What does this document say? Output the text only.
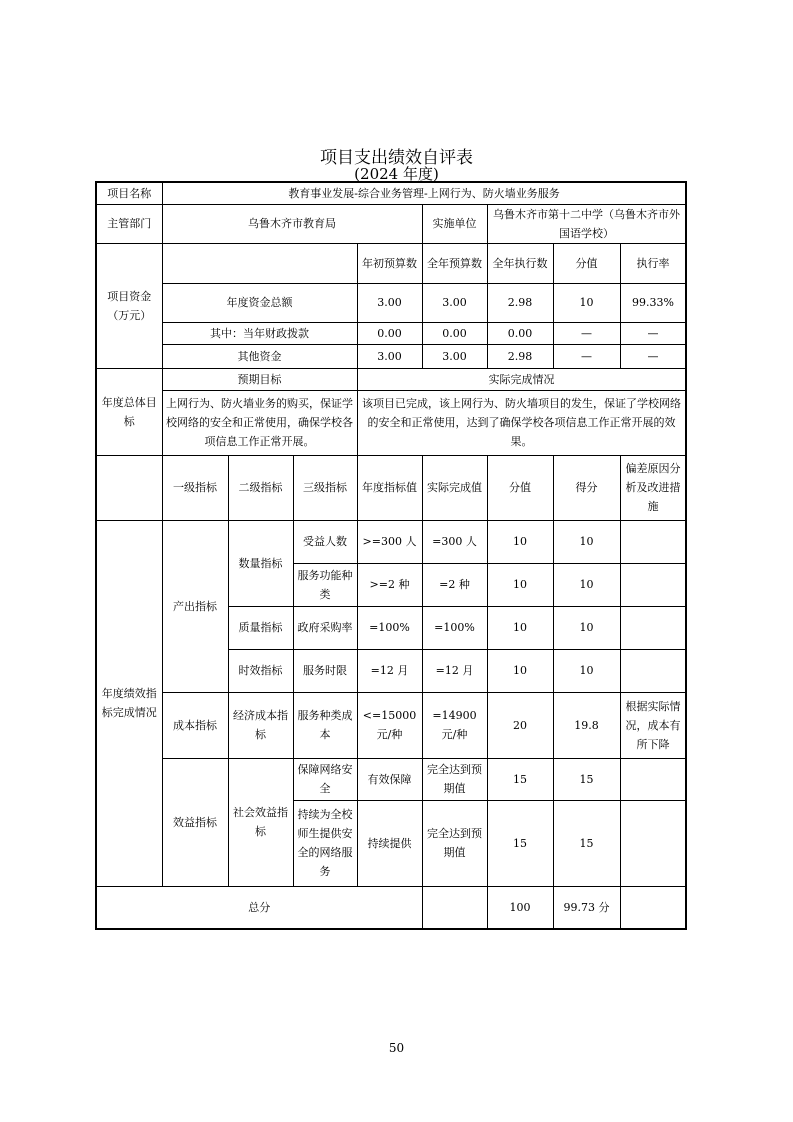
项目支出绩效自评表
(2024 年度)
项目名称	教育事业发展-综合业务管理-上网行为、防火墙业务服务								
主管部门	乌鲁木齐市教育局				实施单位	乌鲁木齐市第十二中学（乌鲁木齐市外国语学校）			
项目资金（万元）				年初预算数	全年预算数	全年执行数	分值	执行率	
	年度资金总额			3.00	3.00	2.98	10	99.33%	
	其中：当年财政拨款			0.00	0.00	0.00	—	—	
	其他资金			3.00	3.00	2.98	—	—	
年度总体目标	预期目标			实际完成情况					
	上网行为、防火墙业务的购买，保证学校网络的安全和正常使用，确保学校各项信息工作正常开展。			该项目已完成，该上网行为、防火墙项目的发生，保证了学校网络的安全和正常使用，达到了确保学校各项信息工作正常开展的效果。					
	一级指标	二级指标	三级指标	年度指标值	实际完成值	分值	得分	偏差原因分析及改进措施	
年度绩效指标完成情况	产出指标	数量指标	受益人数	>=300 人	=300 人	10	10		
			服务功能种类	>=2 种	=2 种	10	10		
		质量指标	政府采购率	=100%	=100%	10	10		
		时效指标	服务时限	=12 月	=12 月	10	10		
	成本指标	经济成本指标	服务种类成本	<=15000 元/种	=14900 元/种	20	19.8	根据实际情况，成本有所下降	
	效益指标	社会效益指标	保障网络安全	有效保障	完全达到预期值	15	15		
			持续为全校师生提供安全的网络服务	持续提供	完全达到预期值	15	15		
总分						100	99.73 分		
50
